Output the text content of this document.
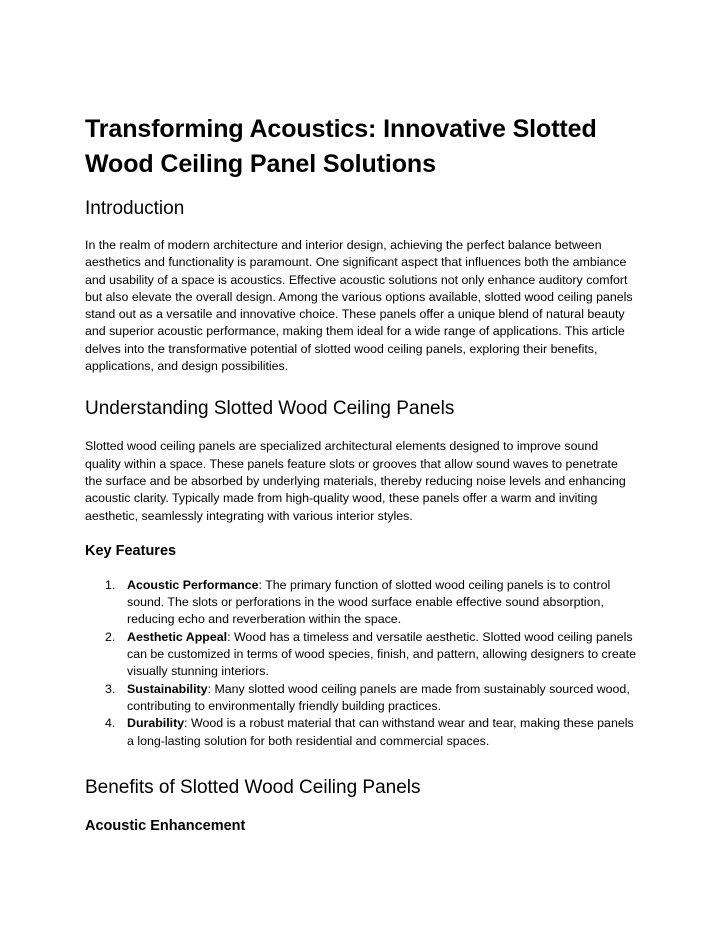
Transforming Acoustics: Innovative Slotted Wood Ceiling Panel Solutions
Introduction

In the realm of modern architecture and interior design, achieving the perfect balance between aesthetics and functionality is paramount. One significant aspect that influences both the ambiance and usability of a space is acoustics. Effective acoustic solutions not only enhance auditory comfort but also elevate the overall design. Among the various options available, slotted wood ceiling panels stand out as a versatile and innovative choice. These panels offer a unique blend of natural beauty and superior acoustic performance, making them ideal for a wide range of applications. This article delves into the transformative potential of slotted wood ceiling panels, exploring their benefits, applications, and design possibilities.

Understanding Slotted Wood Ceiling Panels

Slotted wood ceiling panels are specialized architectural elements designed to improve sound quality within a space. These panels feature slots or grooves that allow sound waves to penetrate the surface and be absorbed by underlying materials, thereby reducing noise levels and enhancing acoustic clarity. Typically made from high-quality wood, these panels offer a warm and inviting aesthetic, seamlessly integrating with various interior styles.

Key Features
1. Acoustic Performance: The primary function of slotted wood ceiling panels is to control sound. The slots or perforations in the wood surface enable effective sound absorption, reducing echo and reverberation within the space.
2. Aesthetic Appeal: Wood has a timeless and versatile aesthetic. Slotted wood ceiling panels can be customized in terms of wood species, finish, and pattern, allowing designers to create visually stunning interiors.
3. Sustainability: Many slotted wood ceiling panels are made from sustainably sourced wood, contributing to environmentally friendly building practices.
4. Durability: Wood is a robust material that can withstand wear and tear, making these panels a long-lasting solution for both residential and commercial spaces.
Benefits of Slotted Wood Ceiling Panels
Acoustic Enhancement
